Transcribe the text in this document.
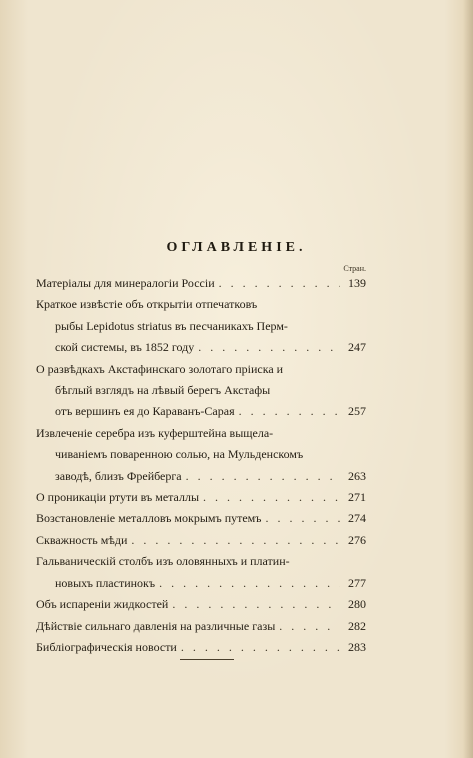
ОГЛАВЛЕНІЕ.
Стран.
Матеріалы для минералогіи Россіи . . .	139
Краткое извѣстіе объ открытіи отпечатковъ
рыбы Lepidotus striatus въ песчаникахъ Перм-
ской системы, въ 1852 году . . .	247
О развѣдкахъ Акстафинскаго золотаго пріиска и
бѣглый взглядъ на лѣвый берегъ Акстафы
отъ вершинъ ея до Караванъ-Сарая . . .	257
Извлеченіе серебра изъ куферштейна выщела-
чиваніемъ поваренною солью, на Мульденскомъ
заводѣ, близъ Фрейберга . . .	263
О проникаціи ртути въ металлы . . .	271
Возстановленіе металловъ мокрымъ путемъ . . .	274
Скважность мѣди . . .	276
Гальваническій столбъ изъ оловянныхъ и платин-
новыхъ пластинокъ . . .	277
Объ испареніи жидкостей . . .	280
Дѣйствіе сильнаго давленія на различные газы . . .	282
Библіографическія новости . . .	283
